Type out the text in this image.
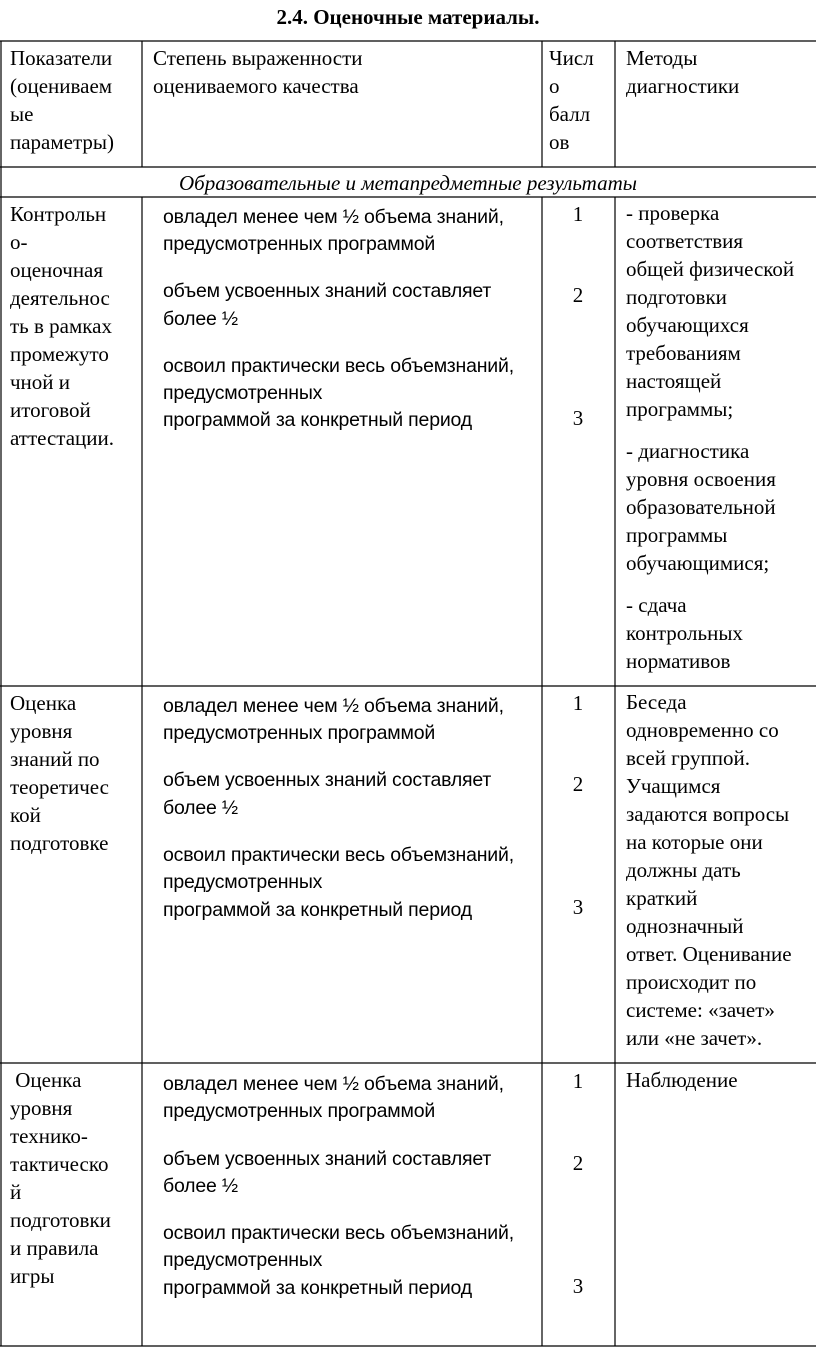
2.4. Оценочные материалы.
Показатели
(оцениваем
ые
параметры)
Степень выраженности
оцениваемого качества
Числ
о
балл
ов
Методы
диагностики
Образовательные и метапредметные результаты
Контрольн
о-
оценочная
деятельнос
ть в рамках
промежуто
чной и
итоговой
аттестации.
овладел менее чем ½ объема знаний,
предусмотренных программой
объем усвоенных знаний составляет
более ½
освоил практически весь объемзнаний,
предусмотренных
программой за конкретный период
1
2
3
- проверка
соответствия
общей физической
подготовки
обучающихся
требованиям
настоящей
программы;
- диагностика
уровня освоения
образовательной
программы
обучающимися;
- сдача
контрольных
нормативов
Оценка
уровня
знаний по
теоретичес
кой
подготовке
овладел менее чем ½ объема знаний,
предусмотренных программой
объем усвоенных знаний составляет
более ½
освоил практически весь объемзнаний,
предусмотренных
программой за конкретный период
1
2
3
Беседа
одновременно со
всей группой.
Учащимся
задаются вопросы
на которые они
должны дать
краткий
однозначный
ответ. Оценивание
происходит по
системе: «зачет»
или «не зачет».
Оценка
уровня
технико-
тактическо
й
подготовки
и правила
игры
овладел менее чем ½ объема знаний,
предусмотренных программой
объем усвоенных знаний составляет
более ½
освоил практически весь объемзнаний,
предусмотренных
программой за конкретный период
1
2
3
Наблюдение
